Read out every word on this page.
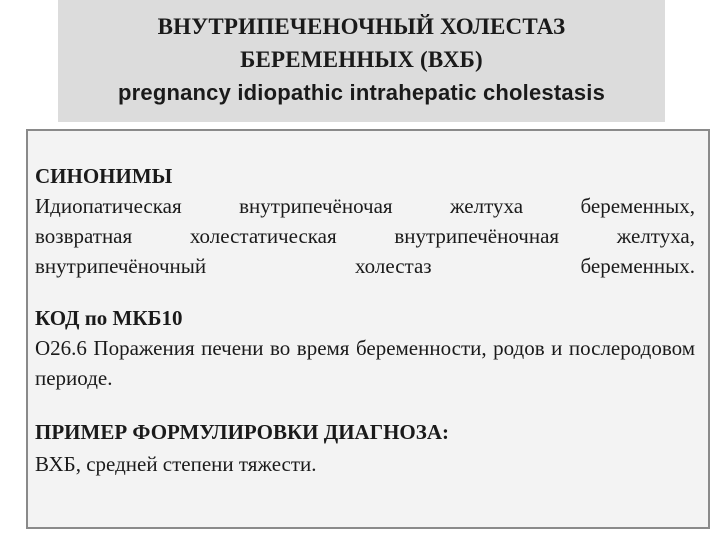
ВНУТРИПЕЧЕНОЧНЫЙ ХОЛЕСТАЗ
БЕРЕМЕННЫХ (ВХБ)
pregnancy idiopathic intrahepatic cholestasis
СИНОНИМЫ
Идиопатическая внутрипечёночая желтуха беременных,
возвратная холестатическая внутрипечёночная желтуха,
внутрипечёночный холестаз беременных.
КОД по МКБ10
О26.6 Поражения печени во время беременности, родов и послеродовом периоде.
ПРИМЕР ФОРМУЛИРОВКИ ДИАГНОЗА:
ВХБ, средней степени тяжести.
